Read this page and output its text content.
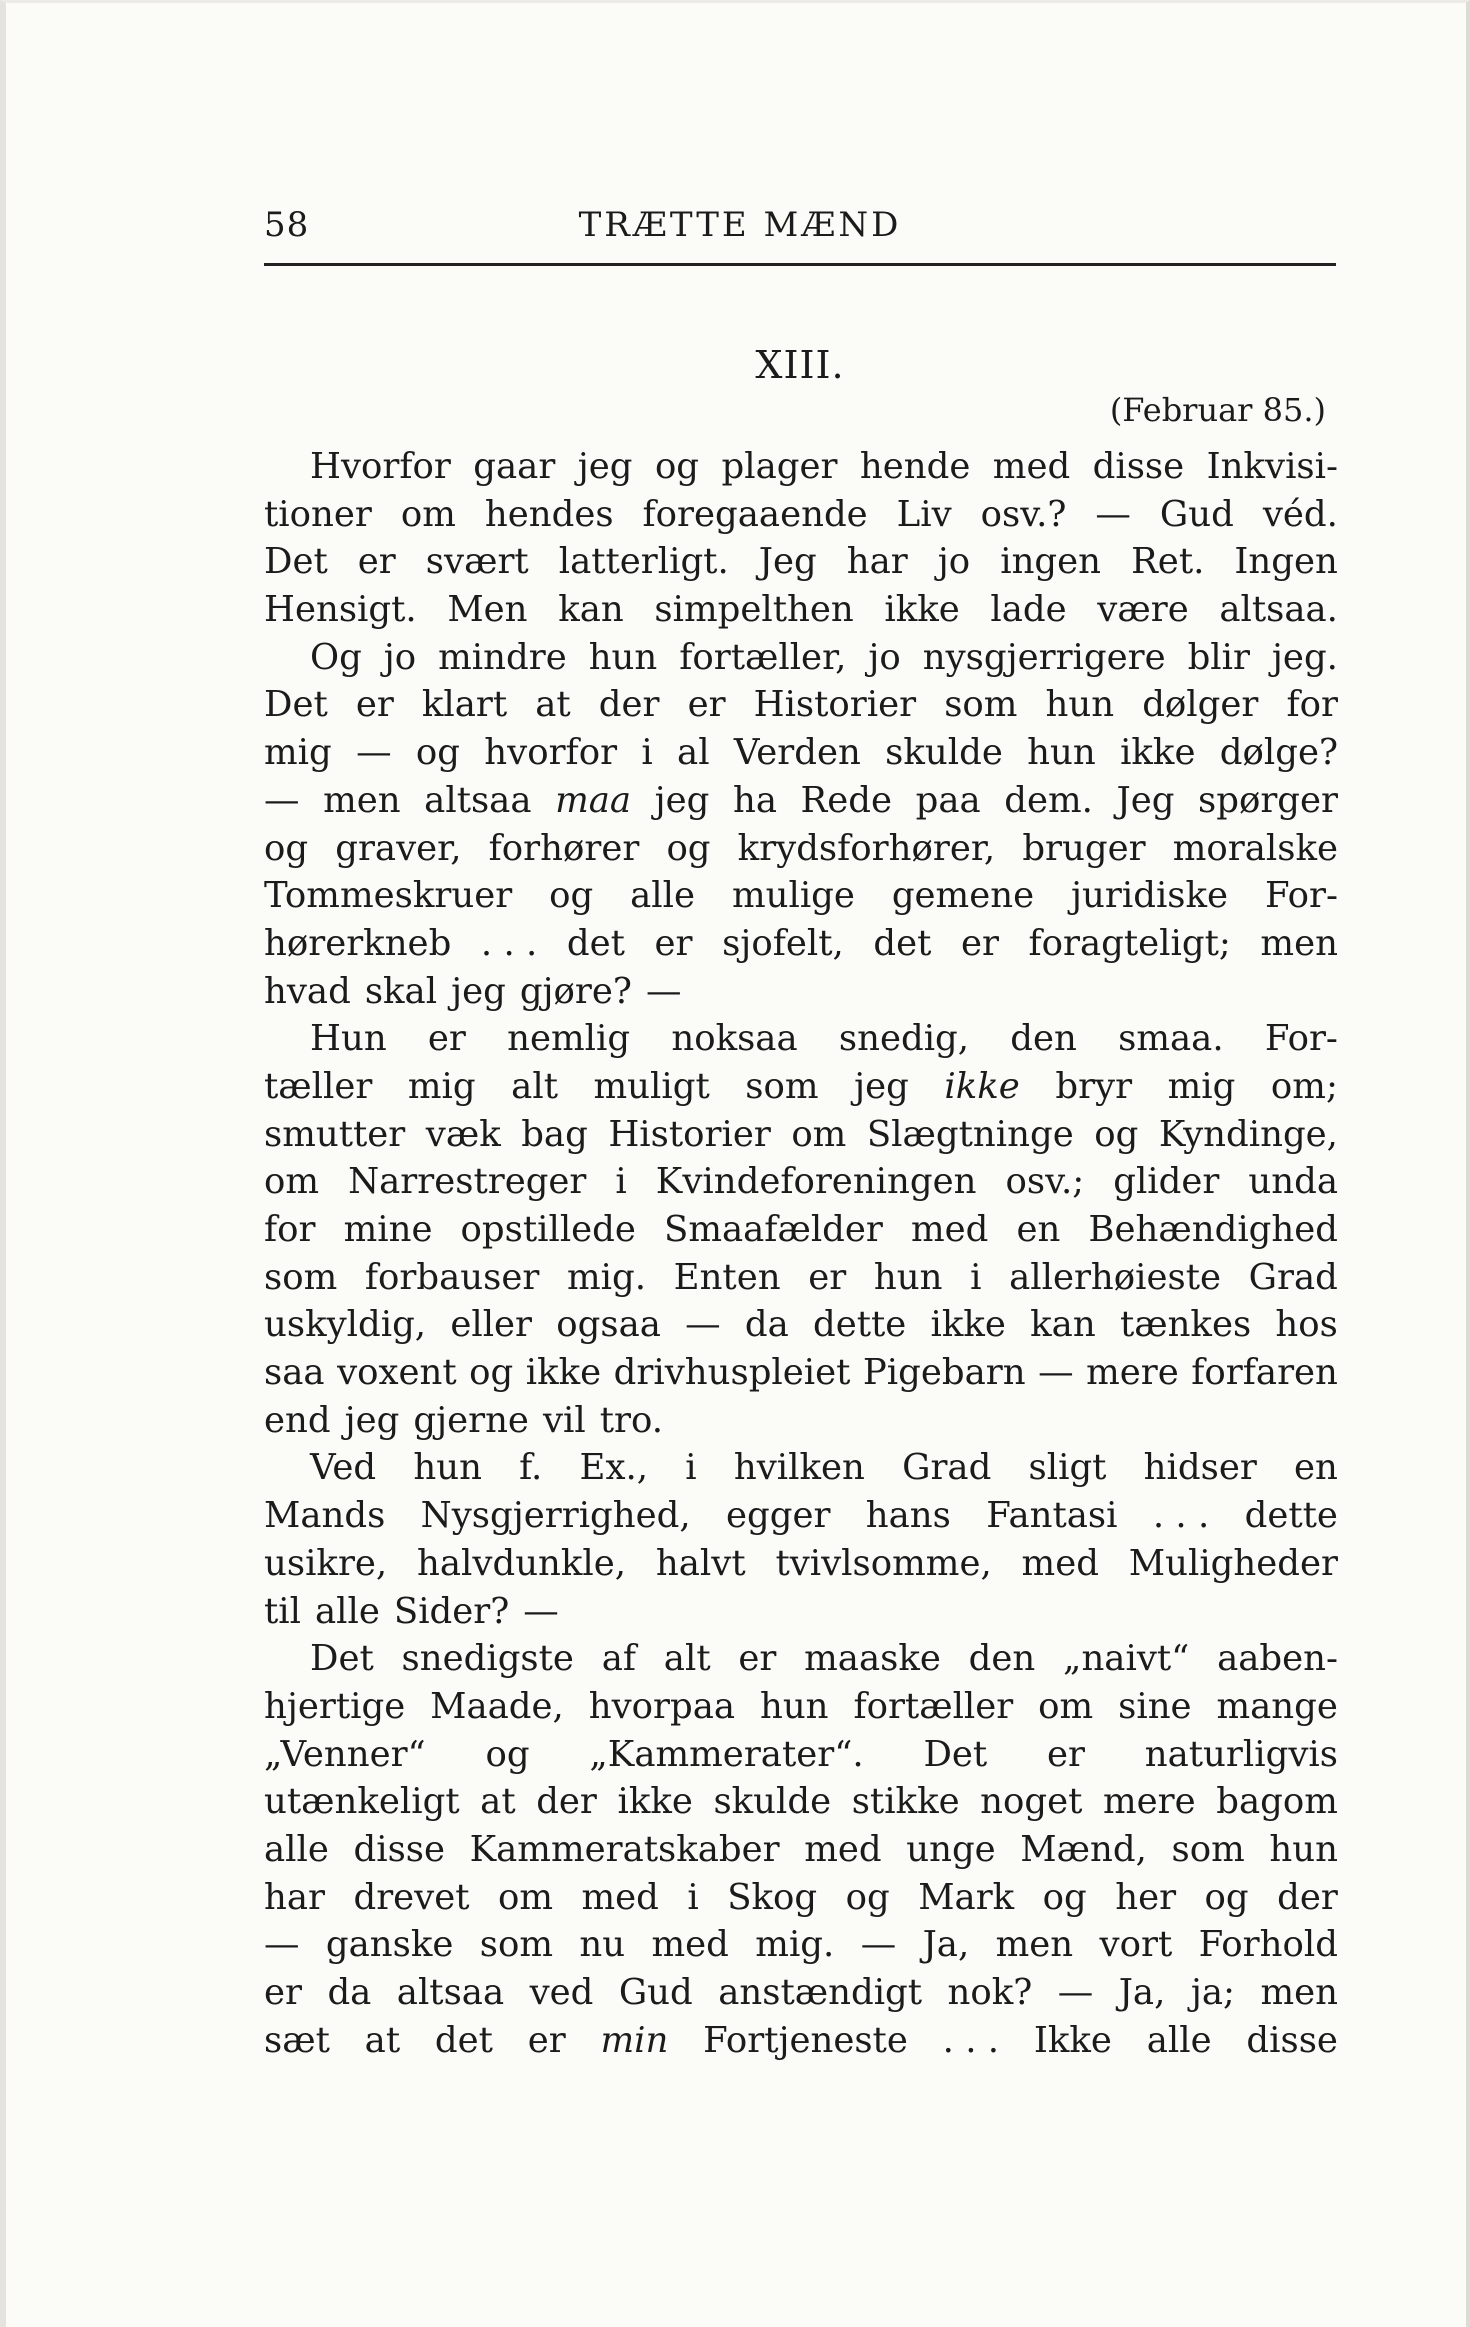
58	TRÆTTE MÆND
XIII.
(Februar 85.)
Hvorfor gaar jeg og plager hende med disse Inkvisi-
tioner om hendes foregaaende Liv osv.? — Gud véd.
Det er svært latterligt. Jeg har jo ingen Ret. Ingen
Hensigt. Men kan simpelthen ikke lade være altsaa.
Og jo mindre hun fortæller, jo nysgjerrigere blir jeg.
Det er klart at der er Historier som hun dølger for
mig — og hvorfor i al Verden skulde hun ikke dølge?
— men altsaa maa jeg ha Rede paa dem. Jeg spørger
og graver, forhører og krydsforhører, bruger moralske
Tommeskruer og alle mulige gemene juridiske For-
hørerkneb . . . det er sjofelt, det er foragteligt; men
hvad skal jeg gjøre? —
Hun er nemlig noksaa snedig, den smaa. For-
tæller mig alt muligt som jeg ikke bryr mig om;
smutter væk bag Historier om Slægtninge og Kyndinge,
om Narrestreger i Kvindeforeningen osv.; glider unda
for mine opstillede Smaafælder med en Behændighed
som forbauser mig. Enten er hun i allerhøieste Grad
uskyldig, eller ogsaa — da dette ikke kan tænkes hos
saa voxent og ikke drivhuspleiet Pigebarn — mere forfaren
end jeg gjerne vil tro.
Ved hun f. Ex., i hvilken Grad sligt hidser en
Mands Nysgjerrighed, egger hans Fantasi . . . dette
usikre, halvdunkle, halvt tvivlsomme, med Muligheder
til alle Sider? —
Det snedigste af alt er maaske den „naivt“ aaben-
hjertige Maade, hvorpaa hun fortæller om sine mange
„Venner“ og „Kammerater“. Det er naturligvis
utænkeligt at der ikke skulde stikke noget mere bagom
alle disse Kammeratskaber med unge Mænd, som hun
har drevet om med i Skog og Mark og her og der
— ganske som nu med mig. — Ja, men vort Forhold
er da altsaa ved Gud anstændigt nok? — Ja, ja; men
sæt at det er min Fortjeneste . . . Ikke alle disse
